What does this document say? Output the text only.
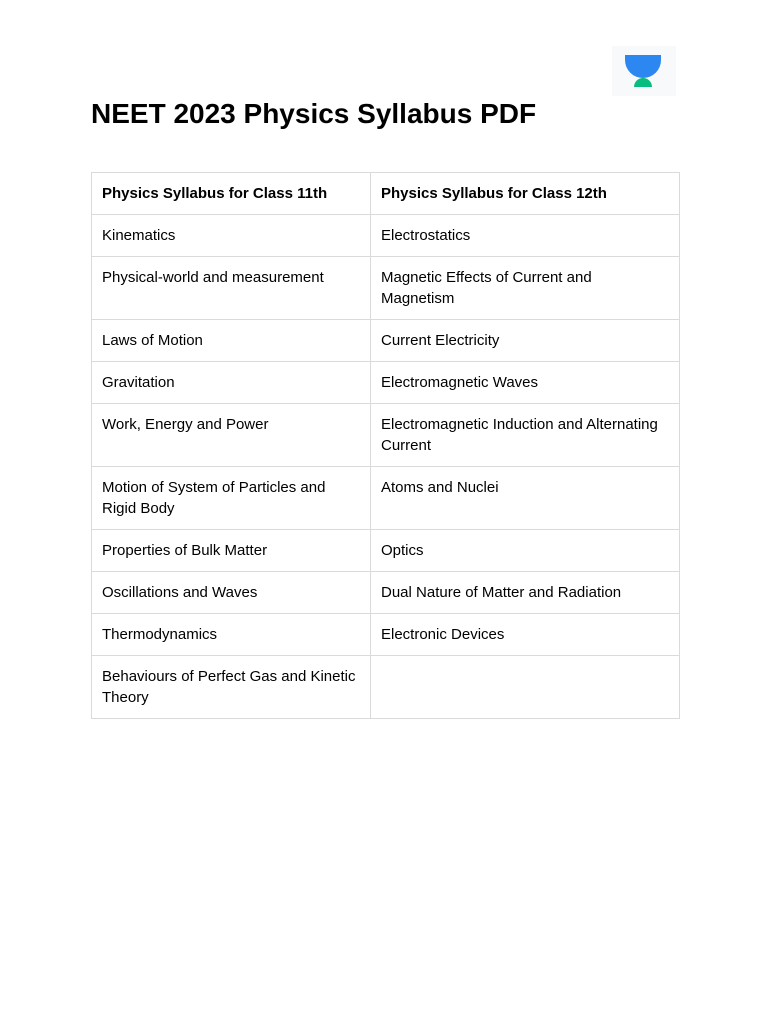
NEET 2023 Physics Syllabus PDF
Physics Syllabus for Class 11th	Physics Syllabus for Class 12th
Kinematics	Electrostatics
Physical-world and measurement	Magnetic Effects of Current and Magnetism
Laws of Motion	Current Electricity
Gravitation	Electromagnetic Waves
Work, Energy and Power	Electromagnetic Induction and Alternating Current
Motion of System of Particles and Rigid Body	Atoms and Nuclei
Properties of Bulk Matter	Optics
Oscillations and Waves	Dual Nature of Matter and Radiation
Thermodynamics	Electronic Devices
Behaviours of Perfect Gas and Kinetic Theory	
